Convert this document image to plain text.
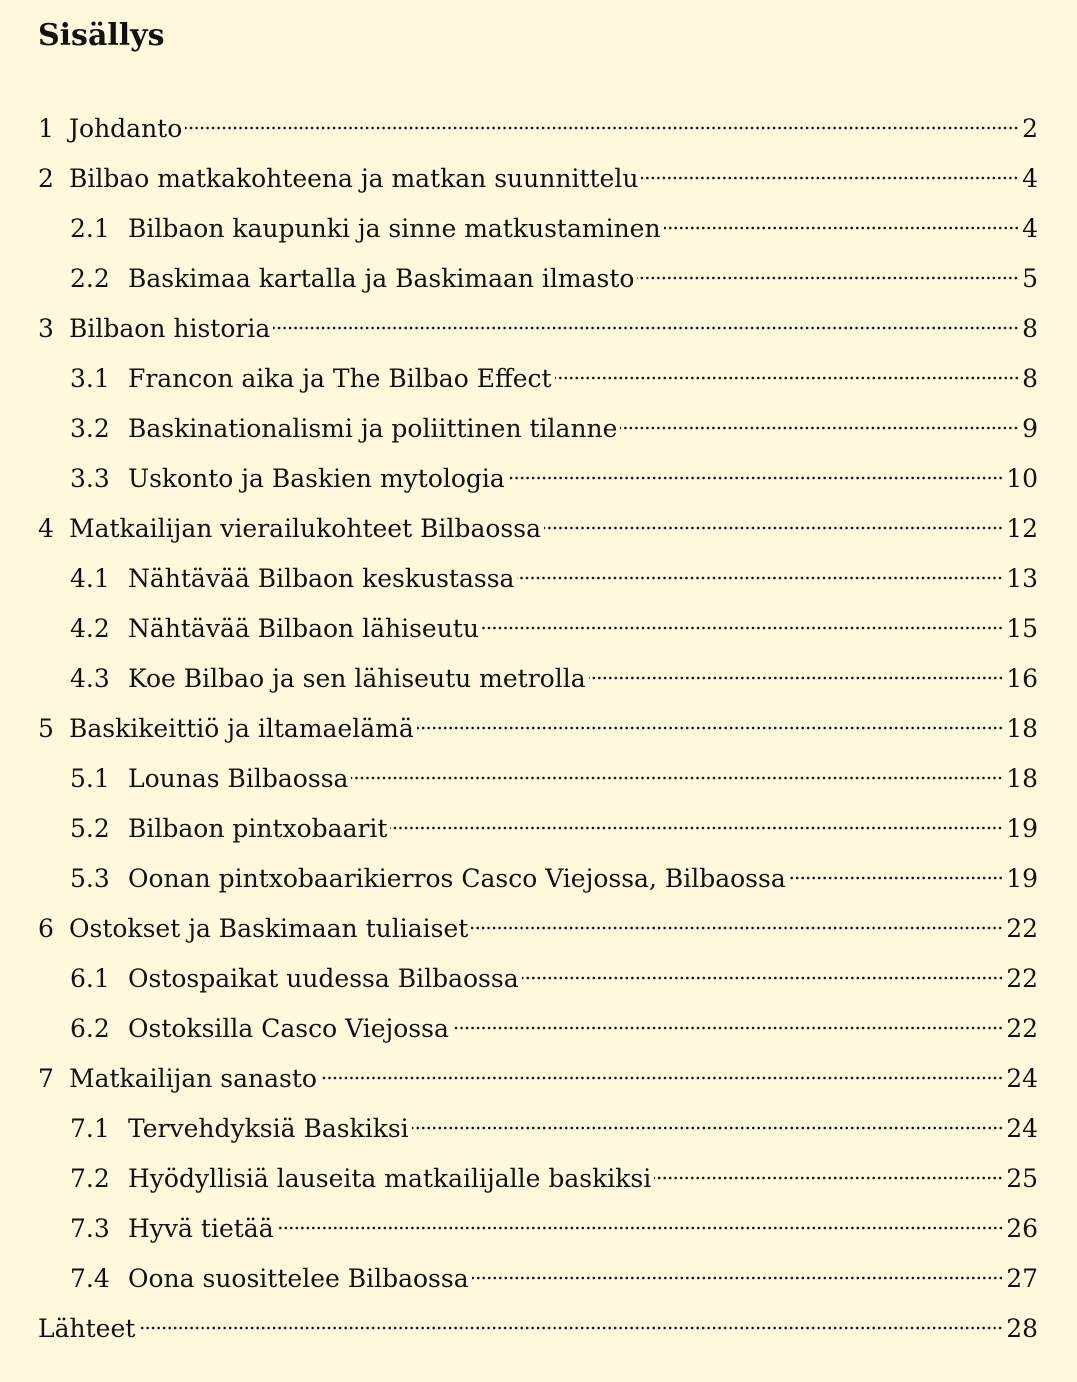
Sisällys
1 Johdanto	2
2 Bilbao matkakohteena ja matkan suunnittelu	4
2.1 Bilbaon kaupunki ja sinne matkustaminen	4
2.2 Baskimaa kartalla ja Baskimaan ilmasto	5
3 Bilbaon historia	8
3.1 Francon aika ja The Bilbao Effect	8
3.2 Baskinationalismi ja poliittinen tilanne	9
3.3 Uskonto ja Baskien mytologia	10
4 Matkailijan vierailukohteet Bilbaossa	12
4.1 Nähtävää Bilbaon keskustassa	13
4.2 Nähtävää Bilbaon lähiseutu	15
4.3 Koe Bilbao ja sen lähiseutu metrolla	16
5 Baskikeittiö ja iltamaelämä	18
5.1 Lounas Bilbaossa	18
5.2 Bilbaon pintxobaarit	19
5.3 Oonan pintxobaarikierros Casco Viejossa, Bilbaossa	19
6 Ostokset ja Baskimaan tuliaiset	22
6.1 Ostospaikat uudessa Bilbaossa	22
6.2 Ostoksilla Casco Viejossa	22
7 Matkailijan sanasto	24
7.1 Tervehdyksiä Baskiksi	24
7.2 Hyödyllisiä lauseita matkailijalle baskiksi	25
7.3 Hyvä tietää	26
7.4 Oona suosittelee Bilbaossa	27
Lähteet	28
